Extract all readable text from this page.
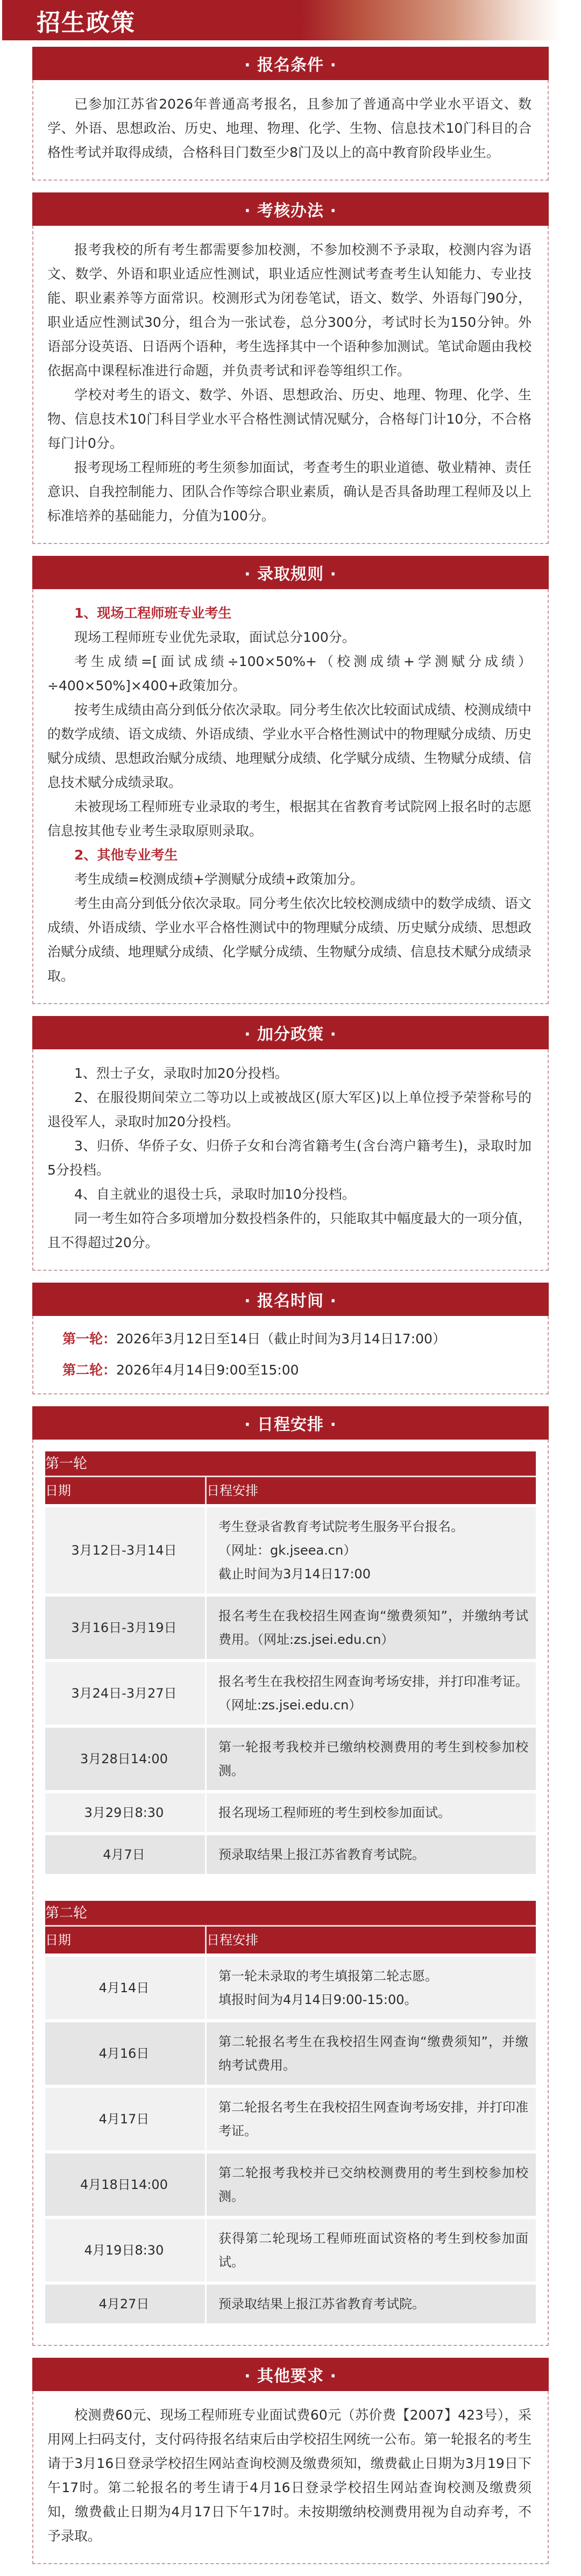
招生政策
· 报名条件 ·

已参加江苏省2026年普通高考报名，且参加了普通高中学业水平语文、数学、外语、思想政治、历史、地理、物理、化学、生物、信息技术10门科目的合格性考试并取得成绩，合格科目门数至少8门及以上的高中教育阶段毕业生。

· 考核办法 ·

报考我校的所有考生都需要参加校测，不参加校测不予录取，校测内容为语文、数学、外语和职业适应性测试，职业适应性测试考查考生认知能力、专业技能、职业素养等方面常识。校测形式为闭卷笔试，语文、数学、外语每门90分，职业适应性测试30分，组合为一张试卷，总分300分，考试时长为150分钟。外语部分设英语、日语两个语种，考生选择其中一个语种参加测试。笔试命题由我校依据高中课程标准进行命题，并负责考试和评卷等组织工作。

学校对考生的语文、数学、外语、思想政治、历史、地理、物理、化学、生物、信息技术10门科目学业水平合格性测试情况赋分，合格每门计10分，不合格每门计0分。

报考现场工程师班的考生须参加面试，考查考生的职业道德、敬业精神、责任意识、自我控制能力、团队合作等综合职业素质，确认是否具备助理工程师及以上标准培养的基础能力，分值为100分。

· 录取规则 ·

1、现场工程师班专业考生

现场工程师班专业优先录取，面试总分100分。

考生成绩=[面试成绩÷100×50%+（校测成绩+学测赋分成绩）÷400×50%]×400+政策加分。

按考生成绩由高分到低分依次录取。同分考生依次比较面试成绩、校测成绩中的数学成绩、语文成绩、外语成绩、学业水平合格性测试中的物理赋分成绩、历史赋分成绩、思想政治赋分成绩、地理赋分成绩、化学赋分成绩、生物赋分成绩、信息技术赋分成绩录取。

未被现场工程师班专业录取的考生，根据其在省教育考试院网上报名时的志愿信息按其他专业考生录取原则录取。

2、其他专业考生

考生成绩=校测成绩+学测赋分成绩+政策加分。

考生由高分到低分依次录取。同分考生依次比较校测成绩中的数学成绩、语文成绩、外语成绩、学业水平合格性测试中的物理赋分成绩、历史赋分成绩、思想政治赋分成绩、地理赋分成绩、化学赋分成绩、生物赋分成绩、信息技术赋分成绩录取。

· 加分政策 ·

1、烈士子女，录取时加20分投档。

2、在服役期间荣立二等功以上或被战区(原大军区)以上单位授予荣誉称号的退役军人，录取时加20分投档。

3、归侨、华侨子女、归侨子女和台湾省籍考生(含台湾户籍考生)，录取时加5分投档。

4、自主就业的退役士兵，录取时加10分投档。

同一考生如符合多项增加分数投档条件的，只能取其中幅度最大的一项分值，且不得超过20分。

· 报名时间 ·

第一轮：2026年3月12日至14日（截止时间为3月14日17:00）

第二轮：2026年4月14日9:00至15:00

· 日程安排 ·
第一轮	
日期	日程安排
3月12日-3月14日	考生登录省教育考试院考生服务平台报名。
（网址：gk.jseea.cn）
截止时间为3月14日17:00

3月16日-3月19日	报名考生在我校招生网查询“缴费须知”，并缴纳考试费用。（网址:zs.jsei.edu.cn）
3月24日-3月27日	报名考生在我校招生网查询考场安排，并打印准考证。（网址:zs.jsei.edu.cn）
3月28日14:00	第一轮报考我校并已缴纳校测费用的考生到校参加校测。
3月29日8:30	报名现场工程师班的考生到校参加面试。
4月7日	预录取结果上报江苏省教育考试院。
第二轮	
日期	日程安排
4月14日	第一轮未录取的考生填报第二轮志愿。
填报时间为4月14日9:00-15:00。

4月16日	第二轮报名考生在我校招生网查询“缴费须知”，并缴纳考试费用。
4月17日	第二轮报名考生在我校招生网查询考场安排，并打印准考证。
4月18日14:00	第二轮报考我校并已交纳校测费用的考生到校参加校测。
4月19日8:30	获得第二轮现场工程师班面试资格的考生到校参加面试。
4月27日	预录取结果上报江苏省教育考试院。
· 其他要求 ·

校测费60元、现场工程师班专业面试费60元（苏价费【2007】423号），采用网上扫码支付，支付码待报名结束后由学校招生网统一公布。第一轮报名的考生请于3月16日登录学校招生网站查询校测及缴费须知，缴费截止日期为3月19日下午17时。第二轮报名的考生请于4月16日登录学校招生网站查询校测及缴费须知，缴费截止日期为4月17日下午17时。未按期缴纳校测费用视为自动弃考，不予录取。
